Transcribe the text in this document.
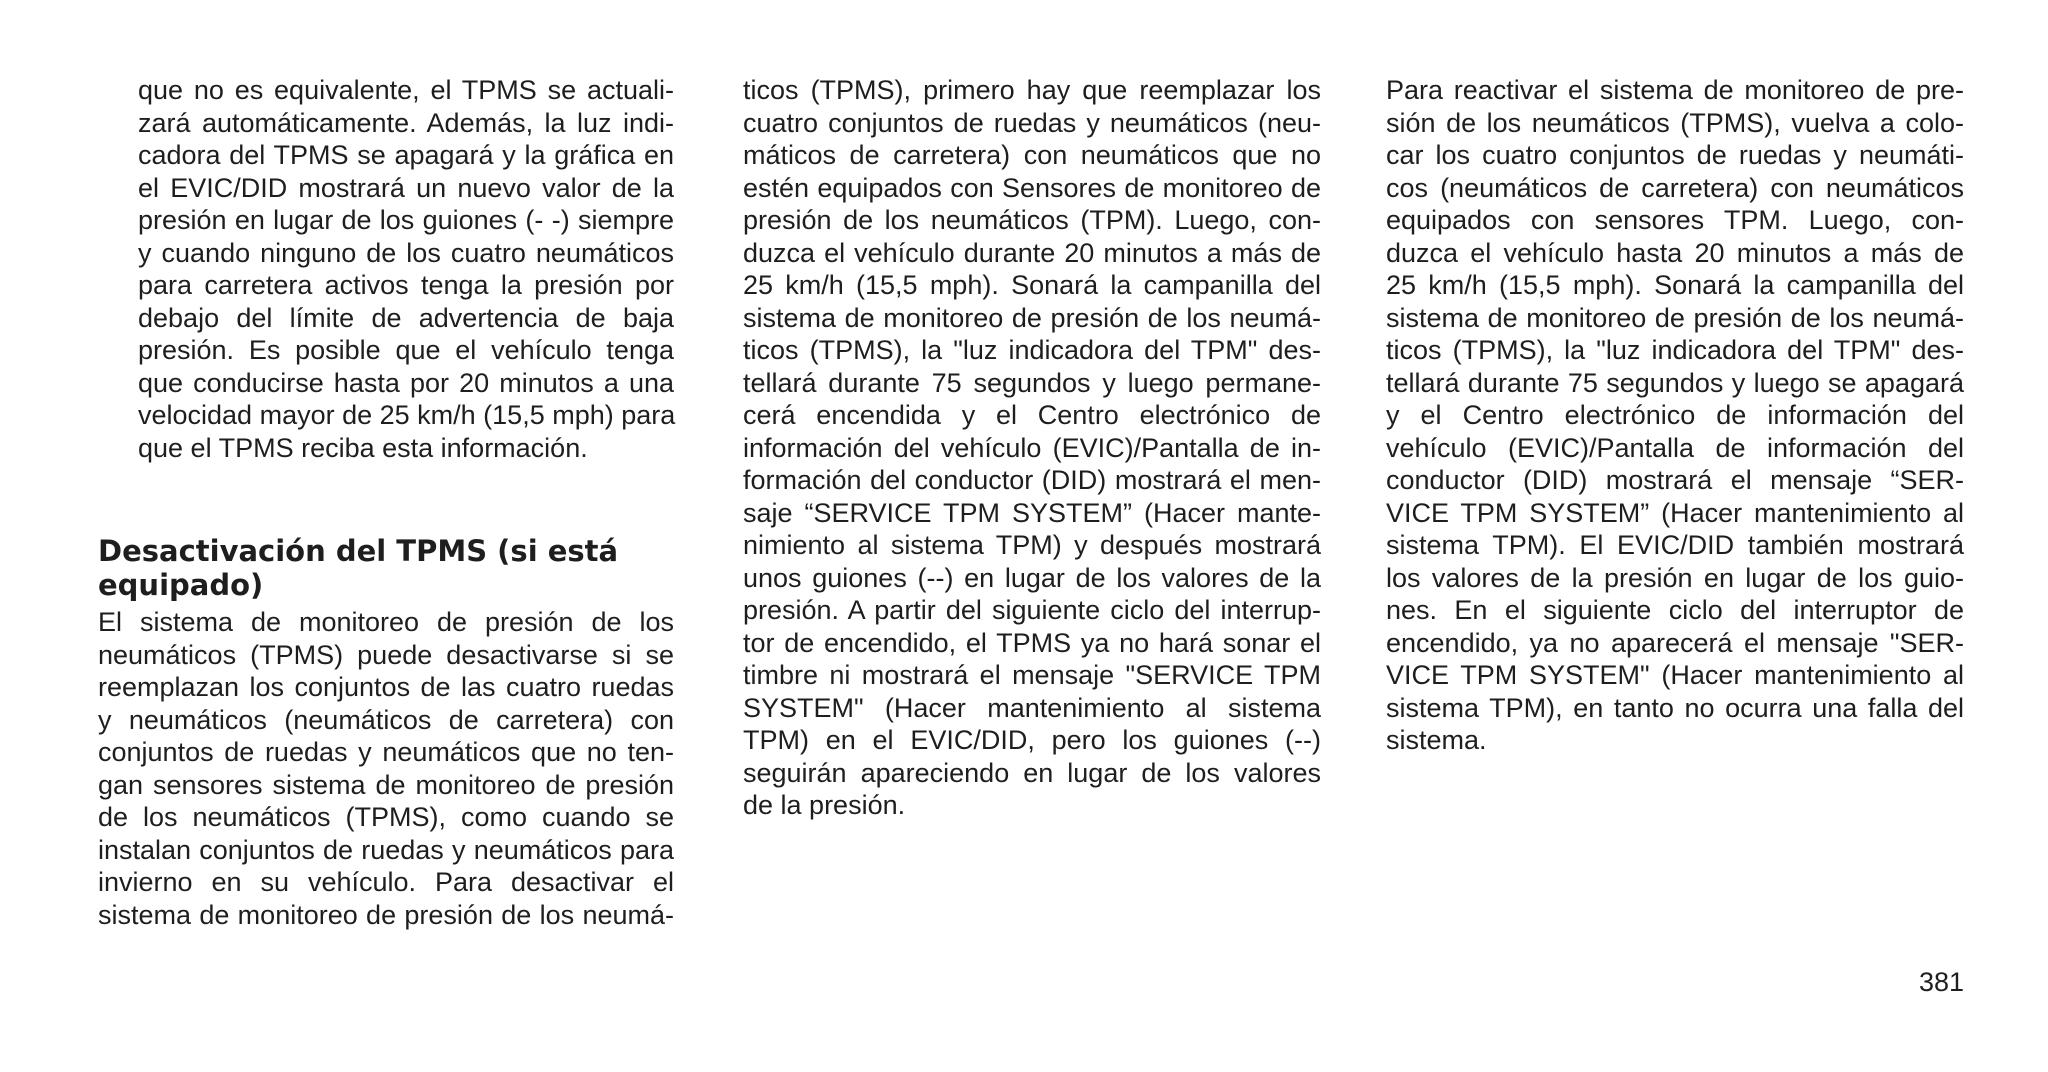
que no es equivalente, el TPMS se actuali-
zará automáticamente. Además, la luz indi-
cadora del TPMS se apagará y la gráfica en
el EVIC/DID mostrará un nuevo valor de la
presión en lugar de los guiones (- -) siempre
y cuando ninguno de los cuatro neumáticos
para carretera activos tenga la presión por
debajo del límite de advertencia de baja
presión. Es posible que el vehículo tenga
que conducirse hasta por 20 minutos a una
velocidad mayor de 25 km/h (15,5 mph) para
que el TPMS reciba esta información.

Desactivación del TPMS (si está
equipado)

El sistema de monitoreo de presión de los
neumáticos (TPMS) puede desactivarse si se
reemplazan los conjuntos de las cuatro ruedas
y neumáticos (neumáticos de carretera) con
conjuntos de ruedas y neumáticos que no ten-
gan sensores sistema de monitoreo de presión
de los neumáticos (TPMS), como cuando se
instalan conjuntos de ruedas y neumáticos para
invierno en su vehículo. Para desactivar el
sistema de monitoreo de presión de los neumá-

ticos (TPMS), primero hay que reemplazar los
cuatro conjuntos de ruedas y neumáticos (neu-
máticos de carretera) con neumáticos que no
estén equipados con Sensores de monitoreo de
presión de los neumáticos (TPM). Luego, con-
duzca el vehículo durante 20 minutos a más de
25 km/h (15,5 mph). Sonará la campanilla del
sistema de monitoreo de presión de los neumá-
ticos (TPMS), la "luz indicadora del TPM" des-
tellará durante 75 segundos y luego permane-
cerá encendida y el Centro electrónico de
información del vehículo (EVIC)/Pantalla de in-
formación del conductor (DID) mostrará el men-
saje “SERVICE TPM SYSTEM” (Hacer mante-
nimiento al sistema TPM) y después mostrará
unos guiones (--) en lugar de los valores de la
presión. A partir del siguiente ciclo del interrup-
tor de encendido, el TPMS ya no hará sonar el
timbre ni mostrará el mensaje "SERVICE TPM
SYSTEM" (Hacer mantenimiento al sistema
TPM) en el EVIC/DID, pero los guiones (--)
seguirán apareciendo en lugar de los valores
de la presión.

Para reactivar el sistema de monitoreo de pre-
sión de los neumáticos (TPMS), vuelva a colo-
car los cuatro conjuntos de ruedas y neumáti-
cos (neumáticos de carretera) con neumáticos
equipados con sensores TPM. Luego, con-
duzca el vehículo hasta 20 minutos a más de
25 km/h (15,5 mph). Sonará la campanilla del
sistema de monitoreo de presión de los neumá-
ticos (TPMS), la "luz indicadora del TPM" des-
tellará durante 75 segundos y luego se apagará
y el Centro electrónico de información del
vehículo (EVIC)/Pantalla de información del
conductor (DID) mostrará el mensaje “SER-
VICE TPM SYSTEM” (Hacer mantenimiento al
sistema TPM). El EVIC/DID también mostrará
los valores de la presión en lugar de los guio-
nes. En el siguiente ciclo del interruptor de
encendido, ya no aparecerá el mensaje "SER-
VICE TPM SYSTEM" (Hacer mantenimiento al
sistema TPM), en tanto no ocurra una falla del
sistema.

381
